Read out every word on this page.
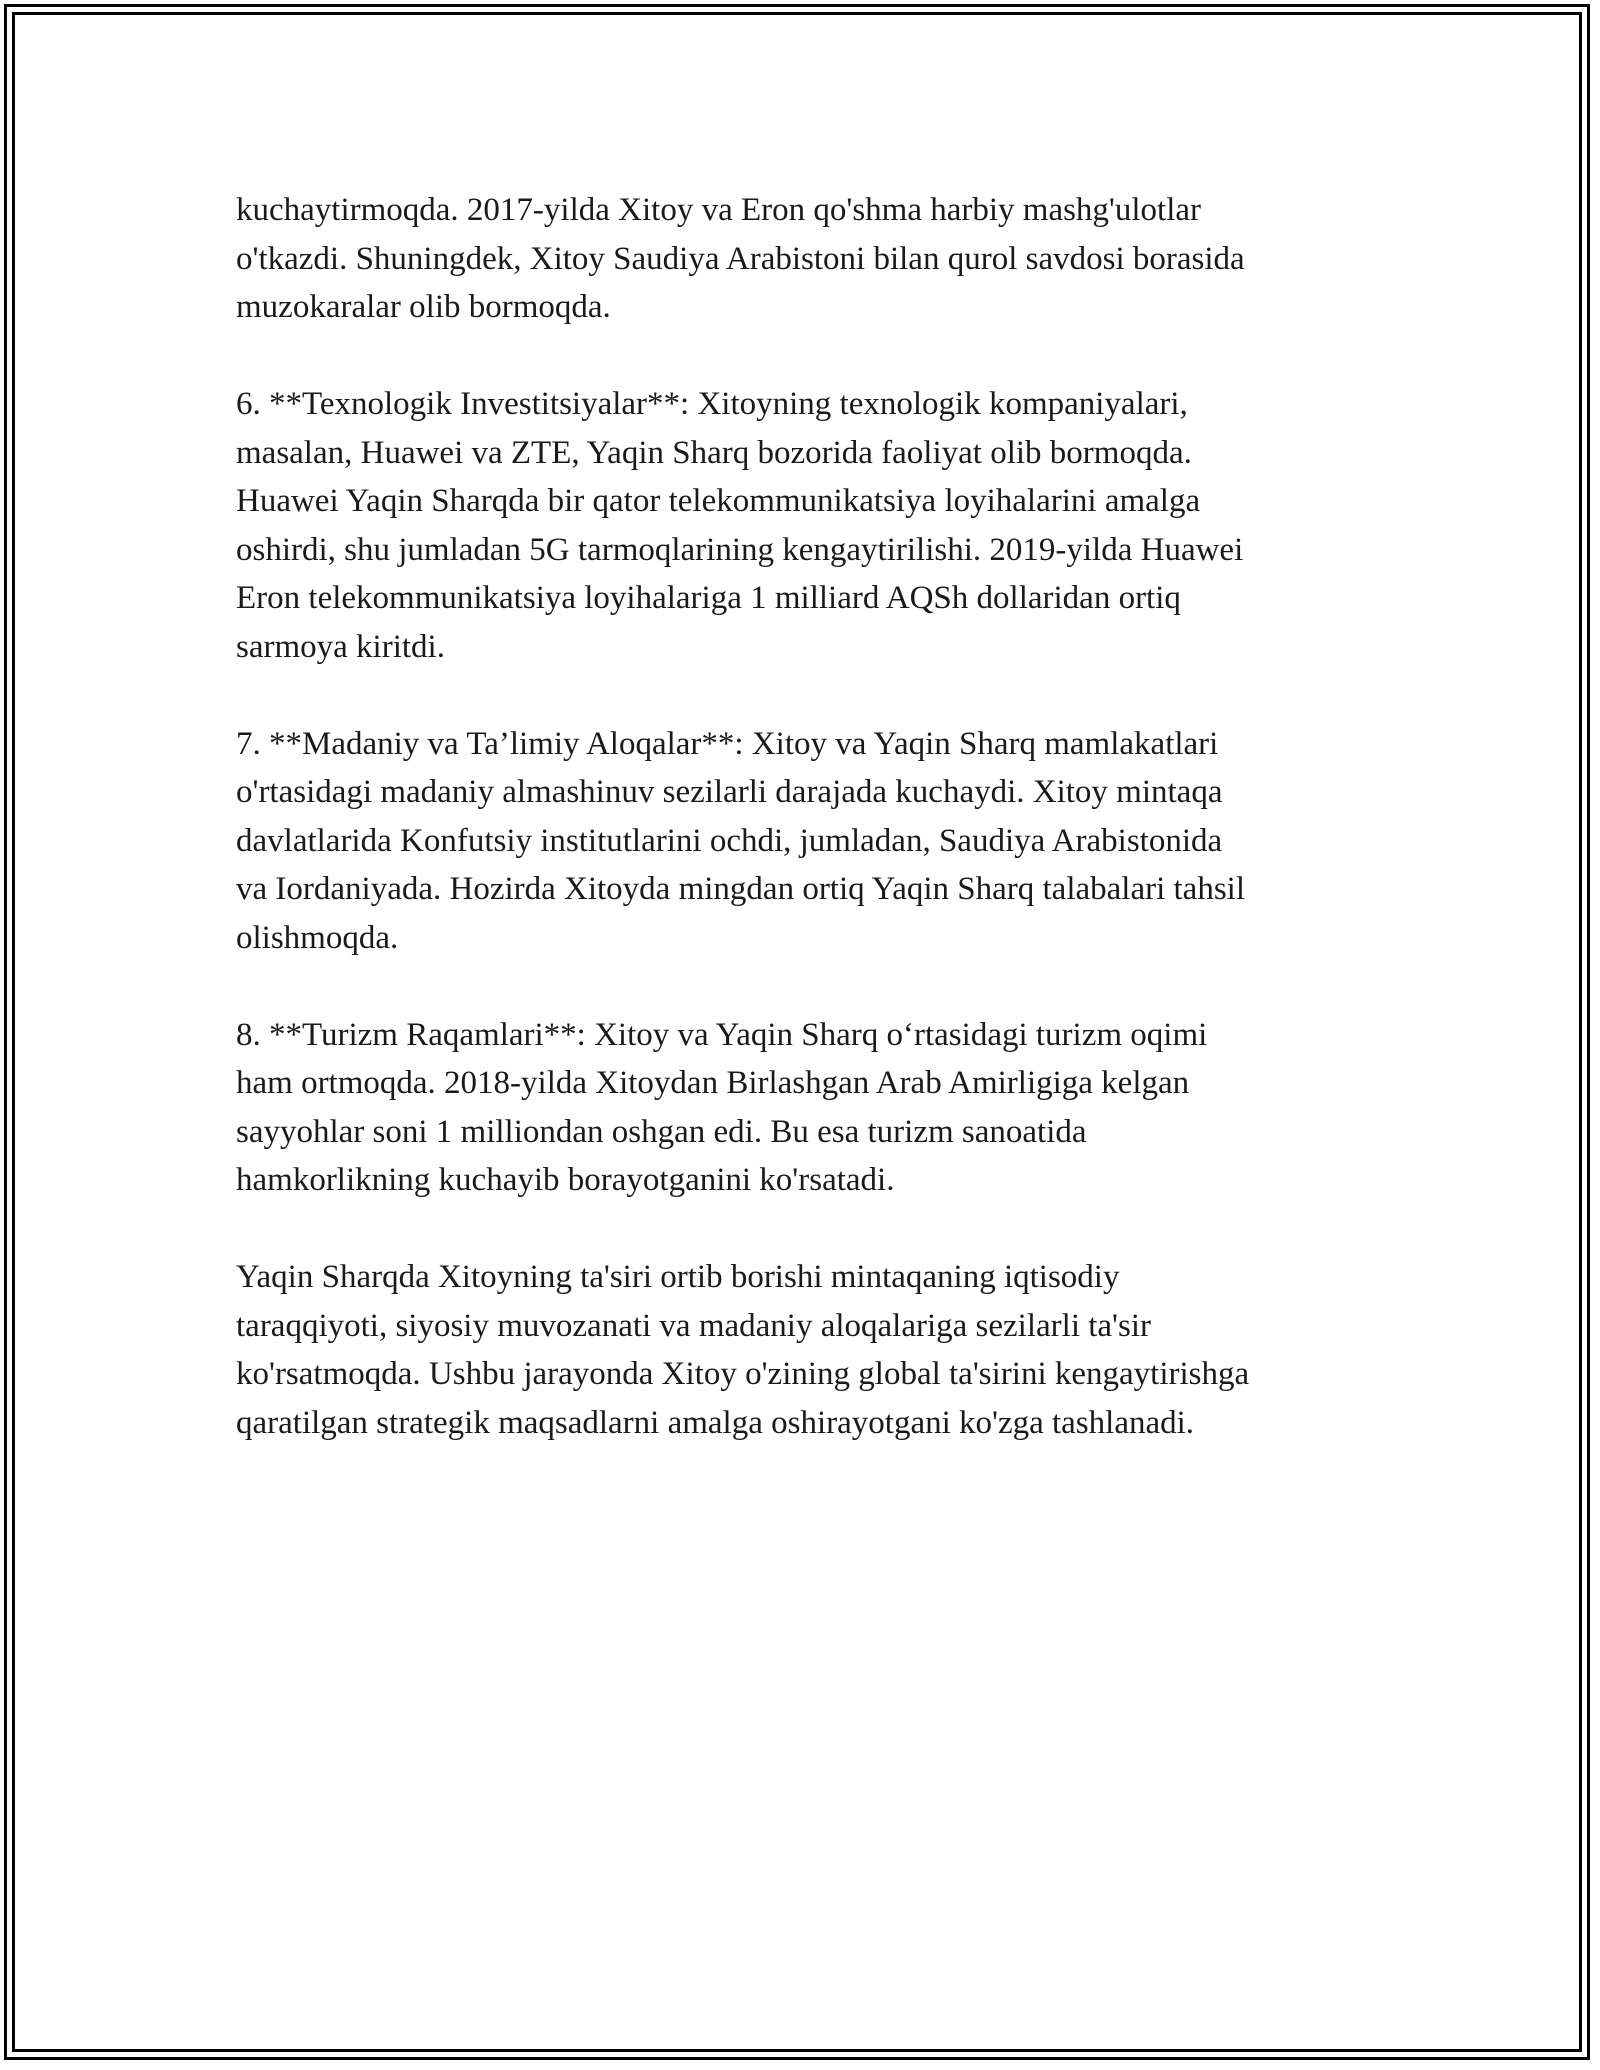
kuchaytirmoqda. 2017-yilda Xitoy va Eron qo'shma harbiy mashg'ulotlar
o'tkazdi. Shuningdek, Xitoy Saudiya Arabistoni bilan qurol savdosi borasida
muzokaralar olib bormoqda.

6. **Texnologik Investitsiyalar**: Xitoyning texnologik kompaniyalari,
masalan, Huawei va ZTE, Yaqin Sharq bozorida faoliyat olib bormoqda.
Huawei Yaqin Sharqda bir qator telekommunikatsiya loyihalarini amalga
oshirdi, shu jumladan 5G tarmoqlarining kengaytirilishi. 2019-yilda Huawei
Eron telekommunikatsiya loyihalariga 1 milliard AQSh dollaridan ortiq
sarmoya kiritdi.

7. **Madaniy va Ta’limiy Aloqalar**: Xitoy va Yaqin Sharq mamlakatlari
o'rtasidagi madaniy almashinuv sezilarli darajada kuchaydi. Xitoy mintaqa
davlatlarida Konfutsiy institutlarini ochdi, jumladan, Saudiya Arabistonida
va Iordaniyada. Hozirda Xitoyda mingdan ortiq Yaqin Sharq talabalari tahsil
olishmoqda.

8. **Turizm Raqamlari**: Xitoy va Yaqin Sharq o‘rtasidagi turizm oqimi
ham ortmoqda. 2018-yilda Xitoydan Birlashgan Arab Amirligiga kelgan
sayyohlar soni 1 milliondan oshgan edi. Bu esa turizm sanoatida
hamkorlikning kuchayib borayotganini ko'rsatadi.

Yaqin Sharqda Xitoyning ta'siri ortib borishi mintaqaning iqtisodiy
taraqqiyoti, siyosiy muvozanati va madaniy aloqalariga sezilarli ta'sir
ko'rsatmoqda. Ushbu jarayonda Xitoy o'zining global ta'sirini kengaytirishga
qaratilgan strategik maqsadlarni amalga oshirayotgani ko'zga tashlanadi.
